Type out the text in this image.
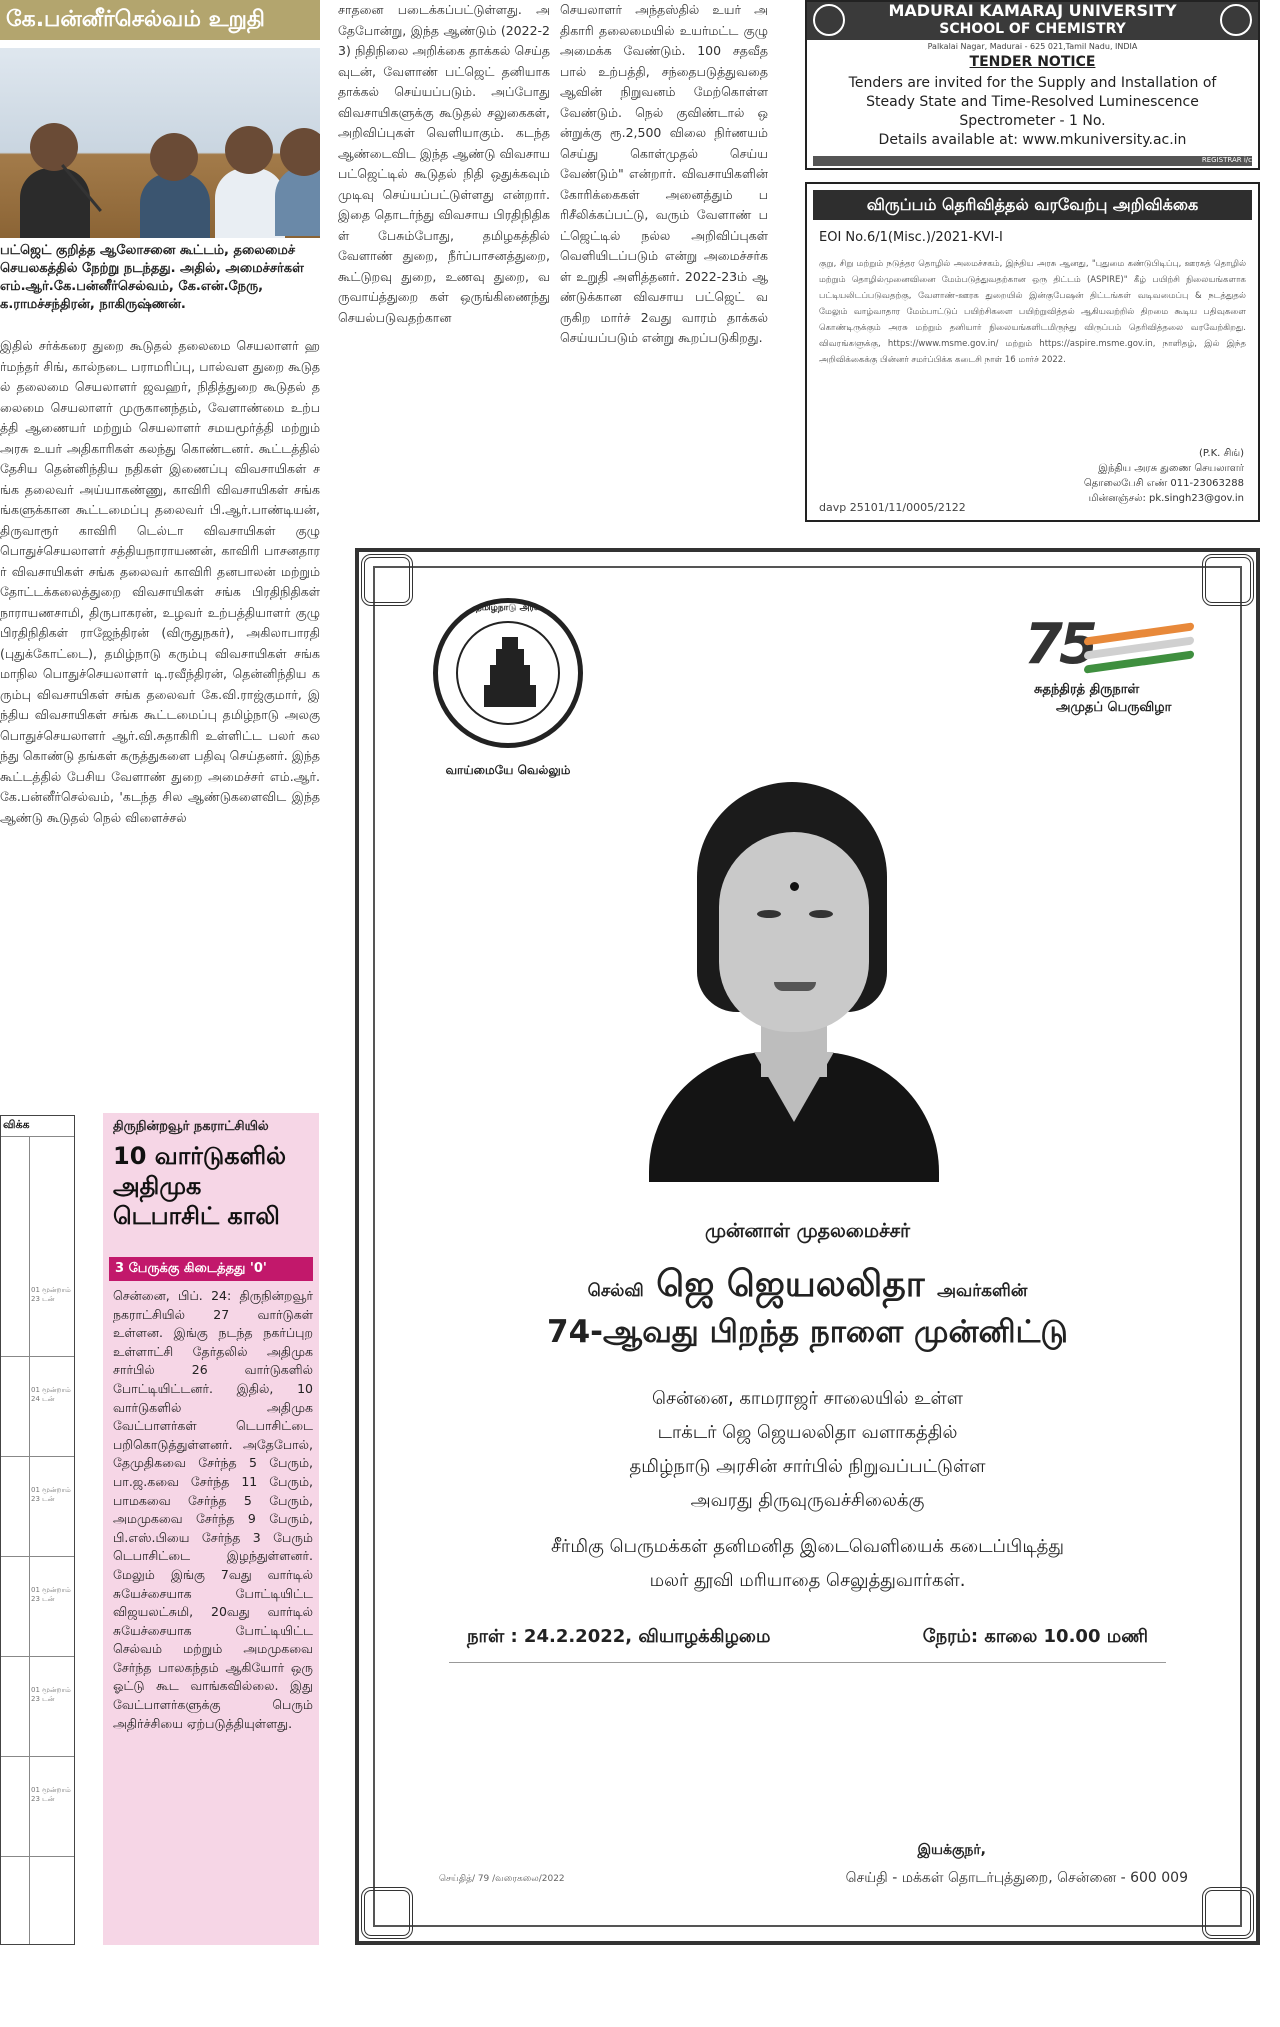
கே.பன்னீர்செல்வம் உறுதி
பட்ஜெட் குறித்த ஆலோசனை கூட்டம், தலைமைச் செயலகத்தில் நேற்று நடந்தது. அதில், அமைச்சர்கள் எம்.ஆர்.கே.பன்னீர்செல்வம், கே.என்.நேரு, க.ராமச்சந்திரன், நாகிருஷ்ணன்.
இதில் சர்க்கரை துறை கூடுதல் தலைமை செயலாளர் ஹர்மந்தர் சிங், கால்நடை பராமரிப்பு, பால்வள துறை கூடுதல் தலைமை செயலாளர் ஜவஹர், நிதித்துறை கூடுதல் தலைமை செயலாளர் முருகானந்தம், வேளாண்மை உற்பத்தி ஆணையர் மற்றும் செயலாளர் சமயமூர்த்தி மற்றும் அரசு உயர் அதிகாரிகள் கலந்து கொண்டனர். கூட்டத்தில் தேசிய தென்னிந்திய நதிகள் இணைப்பு விவசாயிகள் சங்க தலைவர் அய்யாகண்ணு, காவிரி விவசாயிகள் சங்கங்களுக்கான கூட்டமைப்பு தலைவர் பி.ஆர்.பாண்டியன், திருவாரூர் காவிரி டெல்டா விவசாயிகள் குழு பொதுச்செயலாளர் சத்தியநாராயணன், காவிரி பாசனதாரர் விவசாயிகள் சங்க தலைவர் காவிரி தனபாலன் மற்றும் தோட்டக்கலைத்துறை விவசாயிகள் சங்க பிரதிநிதிகள் நாராயணசாமி, திருபாகரன், உழவர் உற்பத்தியாளர் குழு பிரதிநிதிகள் ராஜேந்திரன் (விருதுநகர்), அகிலாபாரதி (புதுக்கோட்டை), தமிழ்நாடு கரும்பு விவசாயிகள் சங்க மாநில பொதுச்செயலாளர் டி.ரவீந்திரன், தென்னிந்திய கரும்பு விவசாயிகள் சங்க தலைவர் கே.வி.ராஜ்குமார், இந்திய விவசாயிகள் சங்க கூட்டமைப்பு தமிழ்நாடு அலகு பொதுச்செயலாளர் ஆர்.வி.சுதாகிரி உள்ளிட்ட பலர் கலந்து கொண்டு தங்கள் கருத்துகளை பதிவு செய்தனர். இந்த கூட்டத்தில் பேசிய வேளாண் துறை அமைச்சர் எம்.ஆர்.கே.பன்னீர்செல்வம், 'கடந்த சில ஆண்டுகளைவிட இந்த ஆண்டு கூடுதல் நெல் விளைச்சல்
சாதனை படைக்கப்பட்டுள்ளது. அதேபோன்று, இந்த ஆண்டும் (2022-23) நிதிநிலை அறிக்கை தாக்கல் செய்தவுடன், வேளாண் பட்ஜெட் தனியாக தாக்கல் செய்யப்படும். அப்போது விவசாயிகளுக்கு கூடுதல் சலுகைகள், அறிவிப்புகள் வெளியாகும். கடந்த ஆண்டைவிட இந்த ஆண்டு விவசாய பட்ஜெட்டில் கூடுதல் நிதி ஒதுக்கவும் முடிவு செய்யப்பட்டுள்ளது என்றார். இதை தொடர்ந்து விவசாய பிரதிநிதிகள் பேசும்போது, தமிழகத்தில் வேளாண் துறை, நீர்ப்பாசனத்துறை, கூட்டுறவு துறை, உணவு துறை, வருவாய்த்துறை கள் ஒருங்கிணைந்து செயல்படுவதற்கான
செயலாளர் அந்தஸ்தில் உயர் அதிகாரி தலைமையில் உயர்மட்ட குழு அமைக்க வேண்டும். 100 சதவீத பால் உற்பத்தி, சந்தைபடுத்துவதை ஆவின் நிறுவனம் மேற்கொள்ள வேண்டும். நெல் குவிண்டால் ஒன்றுக்கு ரூ.2,500 விலை நிர்ணயம் செய்து கொள்முதல் செய்ய வேண்டும்" என்றார். விவசாயிகளின் கோரிக்கைகள் அனைத்தும் பரிசீலிக்கப்பட்டு, வரும் வேளாண் பட்ஜெட்டில் நல்ல அறிவிப்புகள் வெளியிடப்படும் என்று அமைச்சர்கள் உறுதி அளித்தனர். 2022-23ம் ஆண்டுக்கான விவசாய பட்ஜெட் வருகிற மார்ச் 2வது வாரம் தாக்கல் செய்யப்படும் என்று கூறப்படுகிறது.
MADURAI KAMARAJ UNIVERSITY
SCHOOL OF CHEMISTRY
Palkalai Nagar, Madurai - 625 021,Tamil Nadu, INDIA
TENDER NOTICE
Tenders are invited for the Supply and Installation of Steady State and Time-Resolved Luminescence Spectrometer - 1 No.
Details available at: www.mkuniversity.ac.in
REGISTRAR i/c
விருப்பம் தெரிவித்தல் வரவேற்பு அறிவிக்கை
EOI No.6/1(Misc.)/2021-KVI-I
குறு, சிறு மற்றும் நடுத்தர தொழில் அமைச்சகம், இந்திய அரசு ஆனது, "புதுமை கண்டுபிடிப்பு, ஊரகத் தொழில் மற்றும் தொழில்முனைவினை மேம்படுத்துவதற்கான ஒரு திட்டம் (ASPIRE)" கீழ் பயிற்சி நிலையங்களாக பட்டியலிடப்படுவதற்கு, வேளாண்-ஊரக துறையில் இன்குபேஷன் திட்டங்கள் வடிவமைப்பு & நடத்துதல் மேலும் வாழ்வாதார மேம்பாட்டுப் பயிற்சிகளை பயிற்றுவித்தல் ஆகியவற்றில் திறமை கூடிய பதிவுகளை கொண்டிருக்கும் அரசு மற்றும் தனியார் நிலையங்களிடமிருந்து விருப்பம் தெரிவித்தலை வரவேற்கிறது. விவரங்களுக்கு, https://www.msme.gov.in/ மற்றும் https://aspire.msme.gov.in, நாளிதழ், இல் இந்த அறிவிக்கைக்கு பின்னர் சமர்ப்பிக்க கடைசி நாள் 16 மார்ச் 2022.
(P.K. சிங்)
இந்திய அரசு துணை செயலாளர்
தொலைபேசி எண் 011-23063288
மின்னஞ்சல்: pk.singh23@gov.in
davp 25101/11/0005/2122
விக்க
01 மூன்றாம் 23 டன்
01 மூன்றாம் 24 டன்
01 மூன்றாம் 23 டன்
01 மூன்றாம் 23 டன்
01 மூன்றாம் 23 டன்
01 மூன்றாம் 23 டன்
திருநின்றவூர் நகராட்சியில்
10 வார்டுகளில் அதிமுக டெபாசிட் காலி
3 பேருக்கு கிடைத்தது '0'
சென்னை, பிப். 24: திருநின்றவூர் நகராட்சியில் 27 வார்டுகள் உள்ளன. இங்கு நடந்த நகர்ப்புற உள்ளாட்சி தேர்தலில் அதிமுக சார்பில் 26 வார்டுகளில் போட்டியிட்டனர். இதில், 10 வார்டுகளில் அதிமுக வேட்பாளர்கள் டெபாசிட்டை பறிகொடுத்துள்ளனர். அதேபோல், தேமுதிகவை சேர்ந்த 5 பேரும், பா.ஜ.கவை சேர்ந்த 11 பேரும், பாமகவை சேர்ந்த 5 பேரும், அமமுகவை சேர்ந்த 9 பேரும், பி.எஸ்.பியை சேர்ந்த 3 பேரும் டெபாசிட்டை இழந்துள்ளனர். மேலும் இங்கு 7வது வார்டில் சுயேச்சையாக போட்டியிட்ட விஜயலட்சுமி, 20வது வார்டில் சுயேச்சையாக போட்டியிட்ட செல்வம் மற்றும் அமமுகவை சேர்ந்த பாலகந்தம் ஆகியோர் ஒரு ஓட்டு கூட வாங்கவில்லை. இது வேட்பாளர்களுக்கு பெரும் அதிர்ச்சியை ஏற்படுத்தியுள்ளது.
தமிழ்நாடு அரசு
வாய்மையே வெல்லும்
75
சுதந்திரத் திருநாள்
அமுதப் பெருவிழா
முன்னாள் முதலமைச்சர்
செல்வி ஜெ ஜெயலலிதா அவர்களின்
74-ஆவது பிறந்த நாளை முன்னிட்டு
சென்னை, காமராஜர் சாலையில் உள்ள
டாக்டர் ஜெ ஜெயலலிதா வளாகத்தில்
தமிழ்நாடு அரசின் சார்பில் நிறுவப்பட்டுள்ள
அவரது திருவுருவச்சிலைக்கு
சீர்மிகு பெருமக்கள் தனிமனித இடைவெளியைக் கடைப்பிடித்து
மலர் தூவி மரியாதை செலுத்துவார்கள்.
நாள் : 24.2.2022, வியாழக்கிழமை	நேரம்: காலை 10.00 மணி
செய்தித்/ 79 /வரைகலை/2022
இயக்குநர்,
செய்தி - மக்கள் தொடர்புத்துறை, சென்னை - 600 009
